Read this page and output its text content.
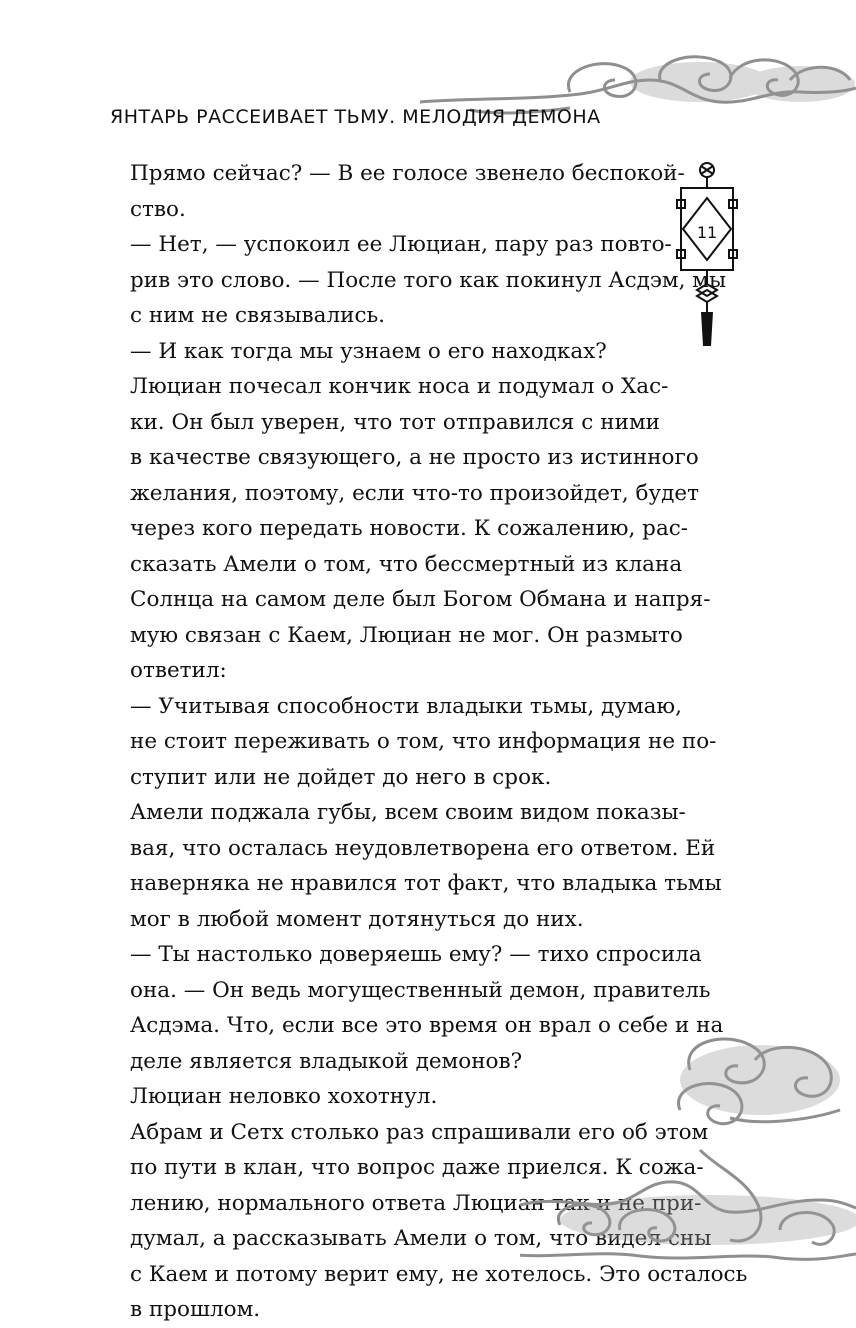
ЯНТАРЬ РАССЕИВАЕТ ТЬМУ. МЕЛОДИЯ ДЕМОНА
11
Прямо сейчас? — В ее голосе звенело беспокой-
ство.
— Нет, — успокоил ее Люциан, пару раз повто-
рив это слово. — После того как покинул Асдэм, мы
с ним не связывались.
— И как тогда мы узнаем о его находках?
Люциан почесал кончик носа и подумал о Хас-
ки. Он был уверен, что тот отправился с ними
в качестве связующего, а не просто из истинного
желания, поэтому, если что-то произойдет, будет
через кого передать новости. К сожалению, рас-
сказать Амели о том, что бессмертный из клана
Солнца на самом деле был Богом Обмана и напря-
мую связан с Каем, Люциан не мог. Он размыто
ответил:
— Учитывая способности владыки тьмы, думаю,
не стоит переживать о том, что информация не по-
ступит или не дойдет до него в срок.
Амели поджала губы, всем своим видом показы-
вая, что осталась неудовлетворена его ответом. Ей
наверняка не нравился тот факт, что владыка тьмы
мог в любой момент дотянуться до них.
— Ты настолько доверяешь ему? — тихо спросила
она. — Он ведь могущественный демон, правитель
Асдэма. Что, если все это время он врал о себе и на
деле является владыкой демонов?
Люциан неловко хохотнул.
Абрам и Сетх столько раз спрашивали его об этом
по пути в клан, что вопрос даже приелся. К сожа-
лению, нормального ответа Люциан так и не при-
думал, а рассказывать Амели о том, что видел сны
с Каем и потому верит ему, не хотелось. Это осталось
в прошлом.
